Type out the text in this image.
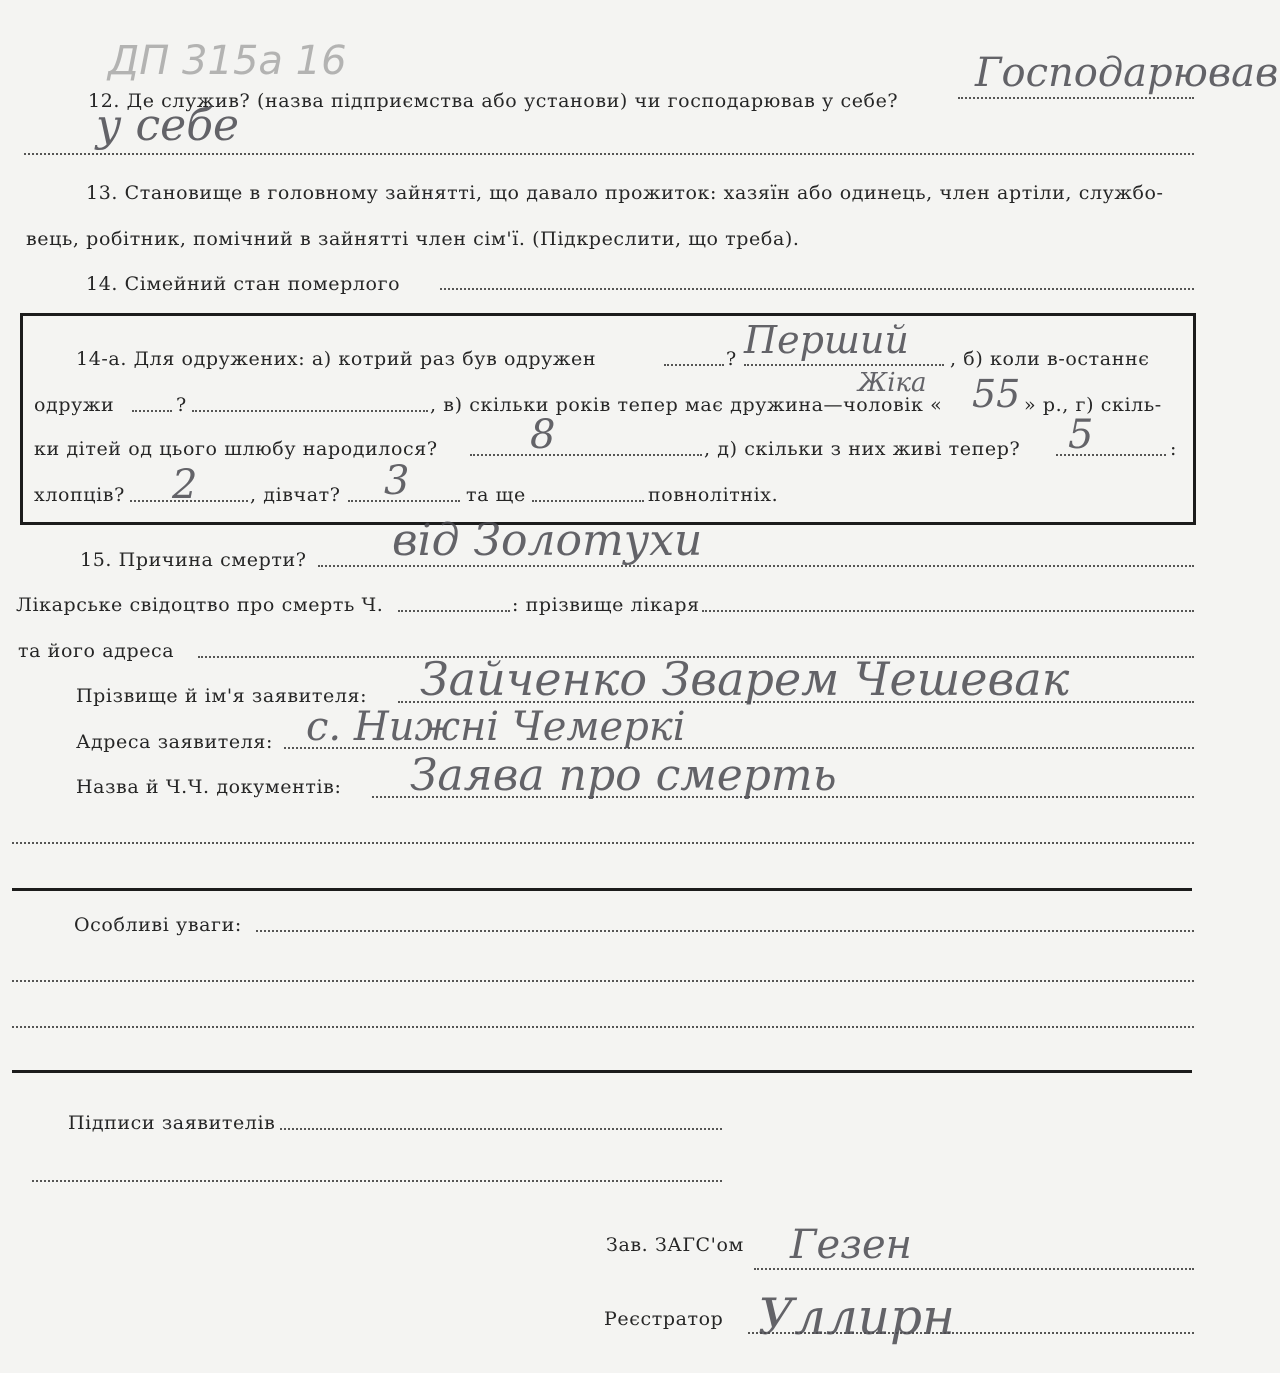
ДП 315а 16
12. Де служив? (назва підприємства або установи) чи господарював у себе?
Господарював
у себе
13. Становище в головному зайнятті, що давало прожиток: хазяїн або одинець, член артіли, службо-
вець, робітник, помічний в зайнятті член сім'ї. (Підкреслити, що треба).
14. Сімейний стан померлого
14-а. Для одружених: а) котрий раз був одружен	? Перший , б) коли в-останнє
одружи	?	, в) скільки років тепер має дружина—чоловік «
Жіка 55 » р., г) скіль-
ки дітей од цього шлюбу народилося? 8	, д) скільки з них живі тепер? 5	:
хлопців? 2	, дівчат? 3	та ще	повнолітніх.
15. Причина смерти? від Золотухи
Лікарське свідоцтво про смерть Ч.	: прізвище лікаря
та його адреса
Прізвище й ім'я заявителя: Зайченко Зварем Чешевак
Адреса заявителя: с. Нижні Чемеркі
Назва й Ч.Ч. документів: Заява про смерть
Особливі уваги:
Підписи заявителів
Зав. ЗАГС'ом Гезен
Реєстратор Уллирн
